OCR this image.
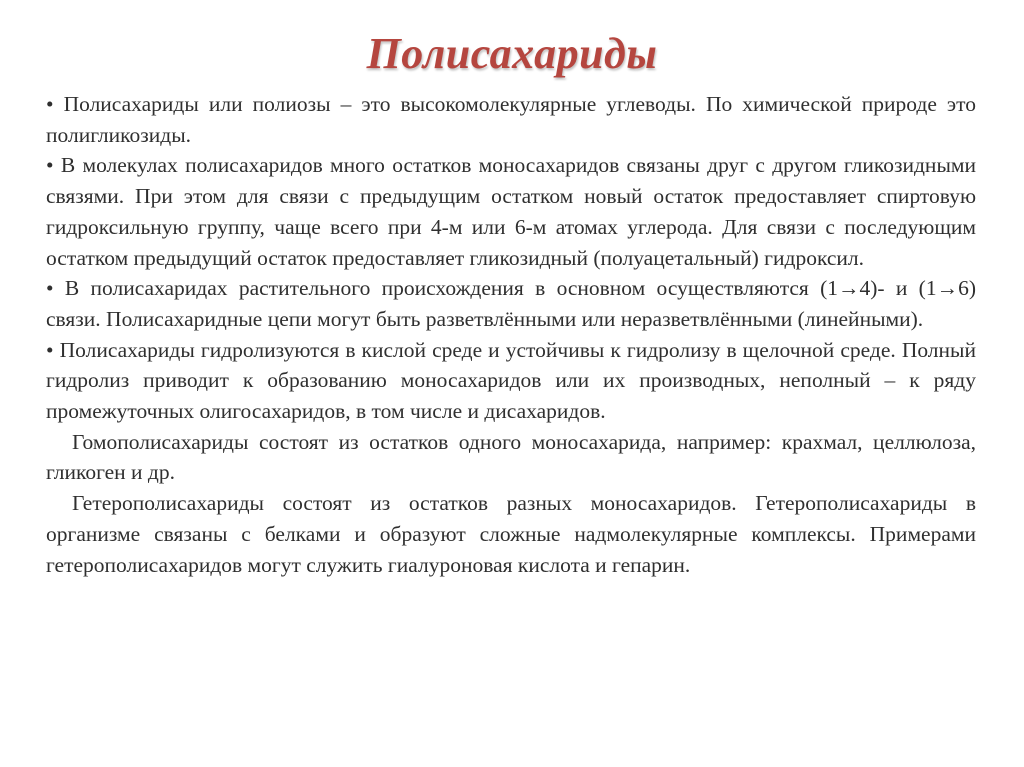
Полисахариды

• Полисахариды или полиозы – это высокомолекулярные углеводы. По химической природе это полигликозиды.

• В молекулах полисахаридов много остатков моносахаридов связаны друг с другом гликозидными связями. При этом для связи с предыдущим остатком новый остаток предоставляет спиртовую гидроксильную группу, чаще всего при 4-м или 6-м атомах углерода. Для связи с последующим остатком предыдущий остаток предоставляет гликозидный (полуацетальный) гидроксил.

• В полисахаридах растительного происхождения в основном осуществляются (1→4)- и (1→6) связи. Полисахаридные цепи могут быть разветвлёнными или неразветвлёнными (линейными).

• Полисахариды гидролизуются в кислой среде и устойчивы к гидролизу в щелочной среде. Полный гидролиз приводит к образованию моносахаридов или их производных, неполный – к ряду промежуточных олигосахаридов, в том числе и дисахаридов.

Гомополисахариды состоят из остатков одного моносахарида, например: крахмал, целлюлоза, гликоген и др.

Гетерополисахариды состоят из остатков разных моносахаридов. Гетерополисахариды в организме связаны с белками и образуют сложные надмолекулярные комплексы. Примерами гетерополисахаридов могут служить гиалуроновая кислота и гепарин.
